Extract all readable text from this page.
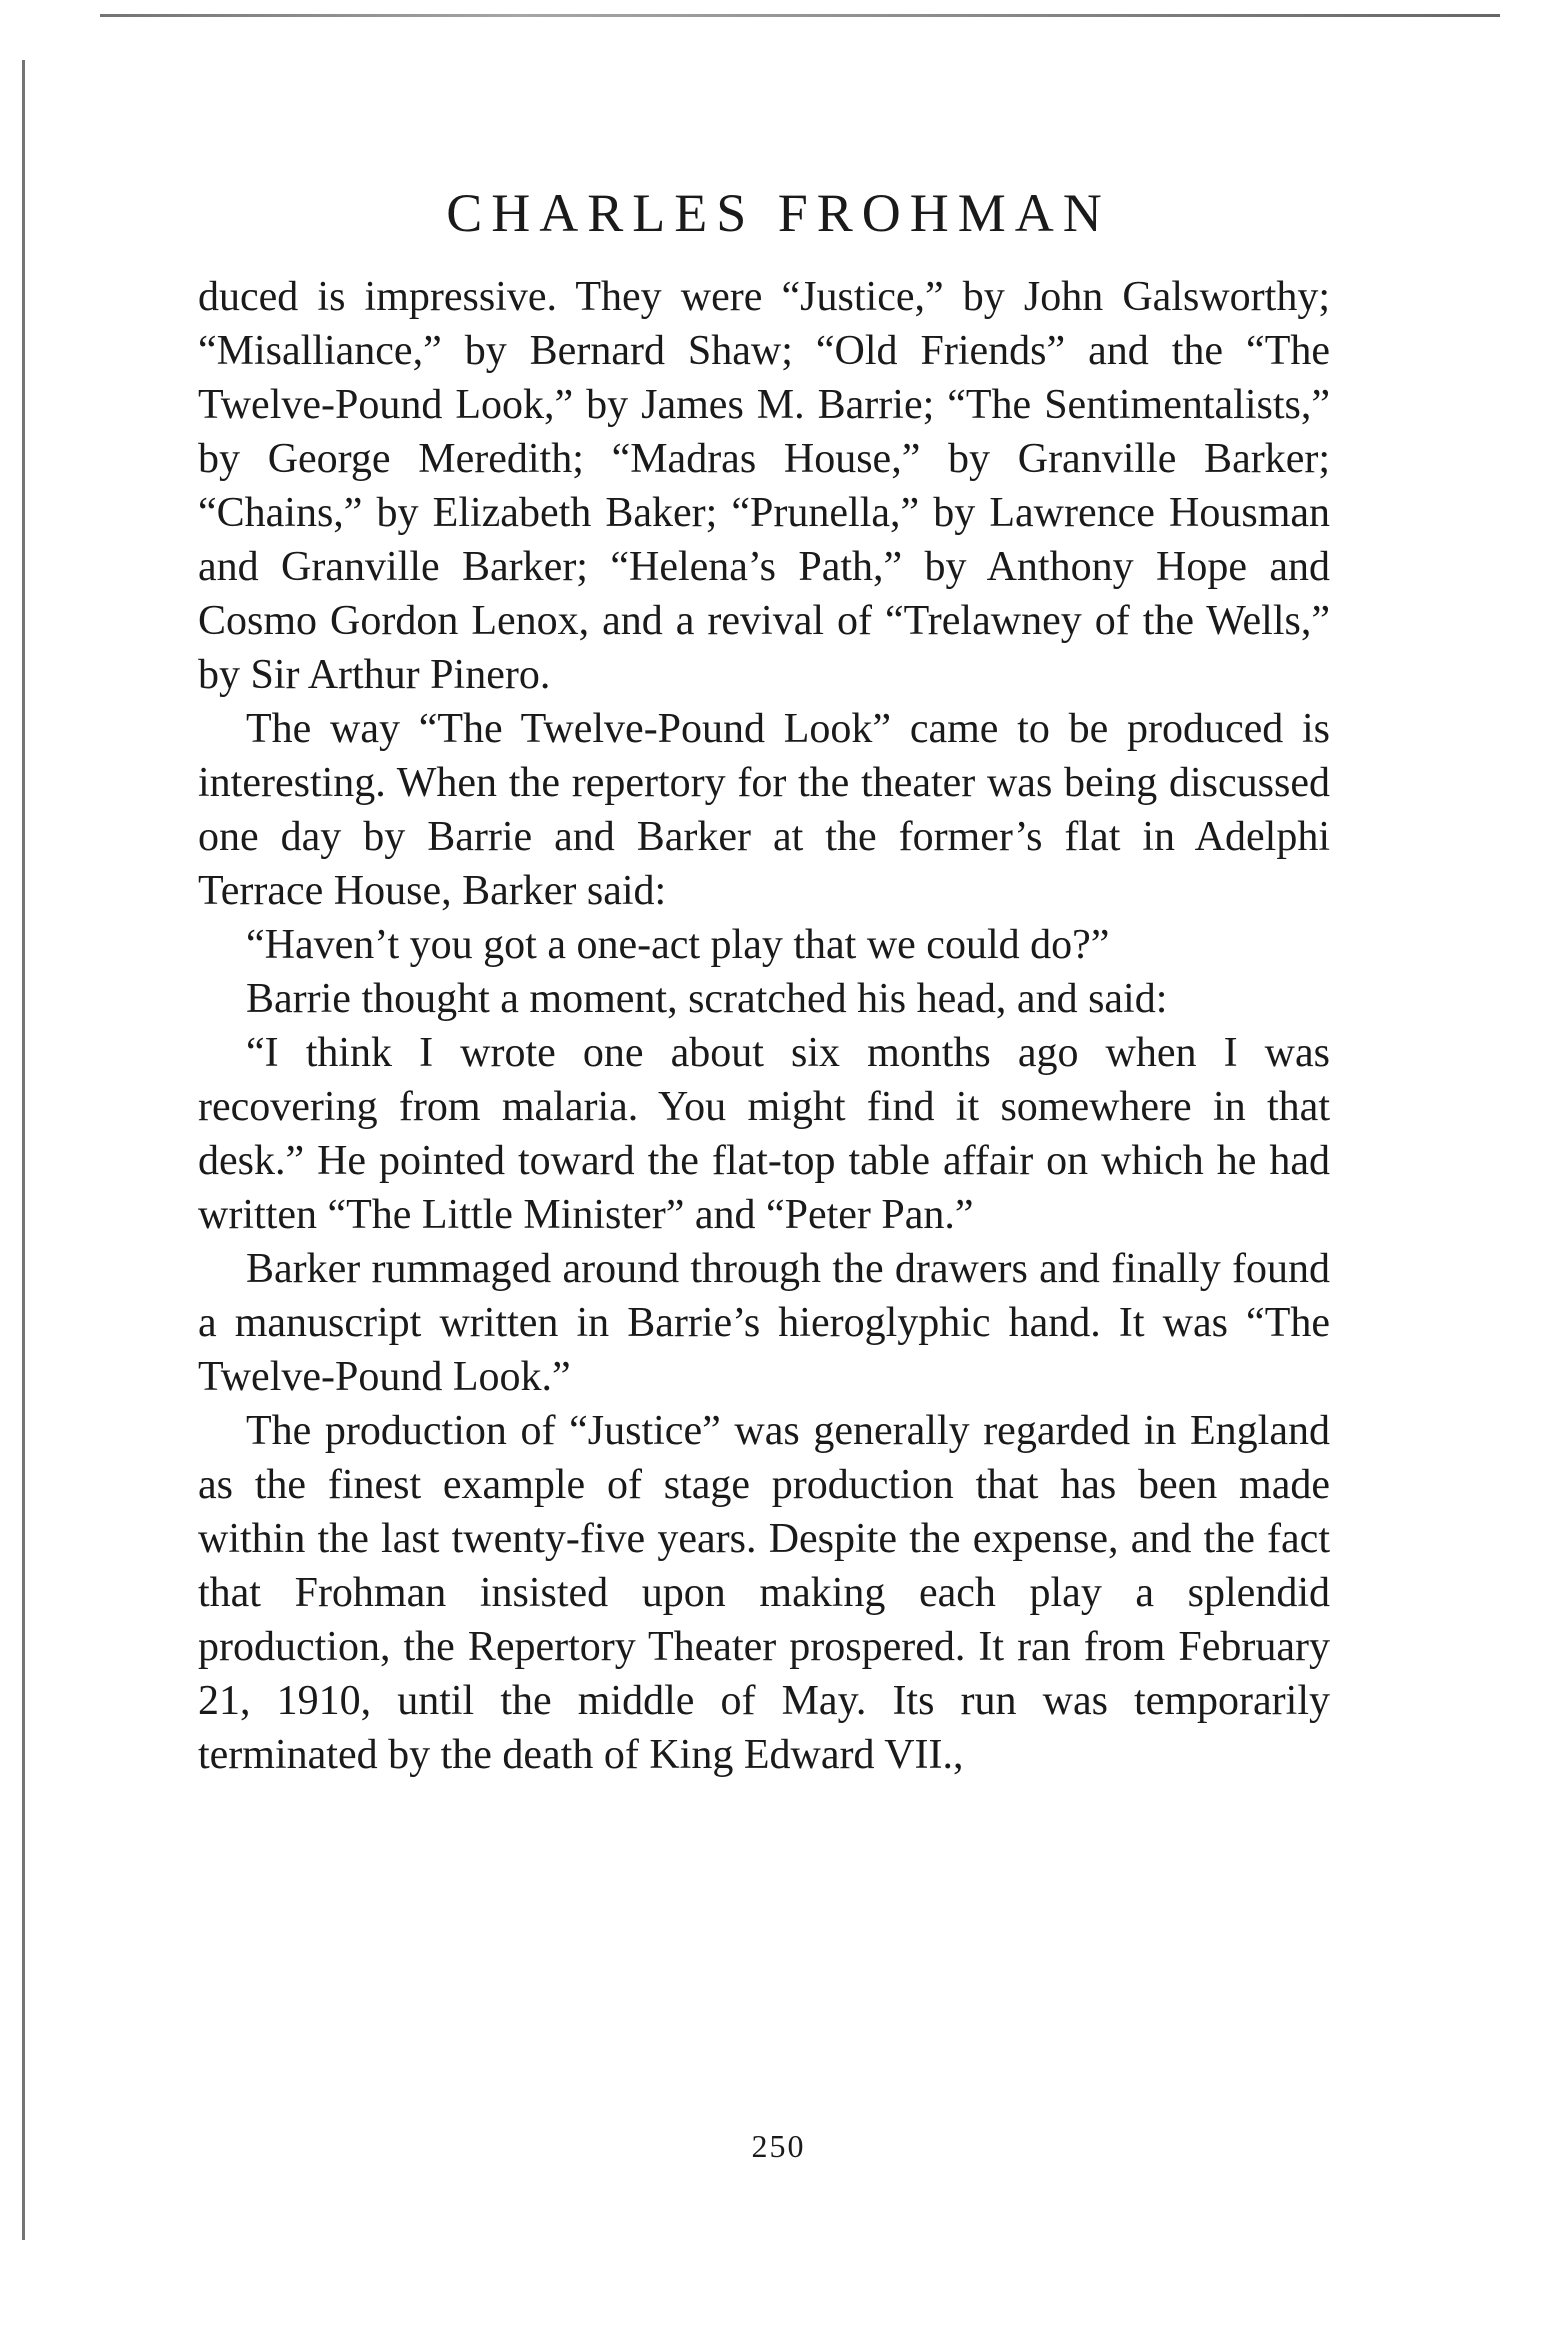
CHARLES FROHMAN

duced is impressive. They were “Justice,” by John Galsworthy; “Misalliance,” by Bernard Shaw; “Old Friends” and the “The Twelve-Pound Look,” by James M. Barrie; “The Sentimentalists,” by George Meredith; “Madras House,” by Granville Barker; “Chains,” by Elizabeth Baker; “Prunella,” by Lawrence Housman and Granville Barker; “Helena’s Path,” by Anthony Hope and Cosmo Gordon Lenox, and a revival of “Trelawney of the Wells,” by Sir Arthur Pinero.

The way “The Twelve-Pound Look” came to be produced is interesting. When the repertory for the theater was being discussed one day by Barrie and Barker at the former’s flat in Adelphi Terrace House, Barker said:

“Haven’t you got a one-act play that we could do?”

Barrie thought a moment, scratched his head, and said:

“I think I wrote one about six months ago when I was recovering from malaria. You might find it somewhere in that desk.” He pointed toward the flat-top table affair on which he had written “The Little Minister” and “Peter Pan.”

Barker rummaged around through the drawers and finally found a manuscript written in Barrie’s hieroglyphic hand. It was “The Twelve-Pound Look.”

The production of “Justice” was generally regarded in England as the finest example of stage production that has been made within the last twenty-five years. Despite the expense, and the fact that Frohman insisted upon making each play a splendid production, the Repertory Theater prospered. It ran from February 21, 1910, until the middle of May. Its run was temporarily terminated by the death of King Edward VII.,

250
